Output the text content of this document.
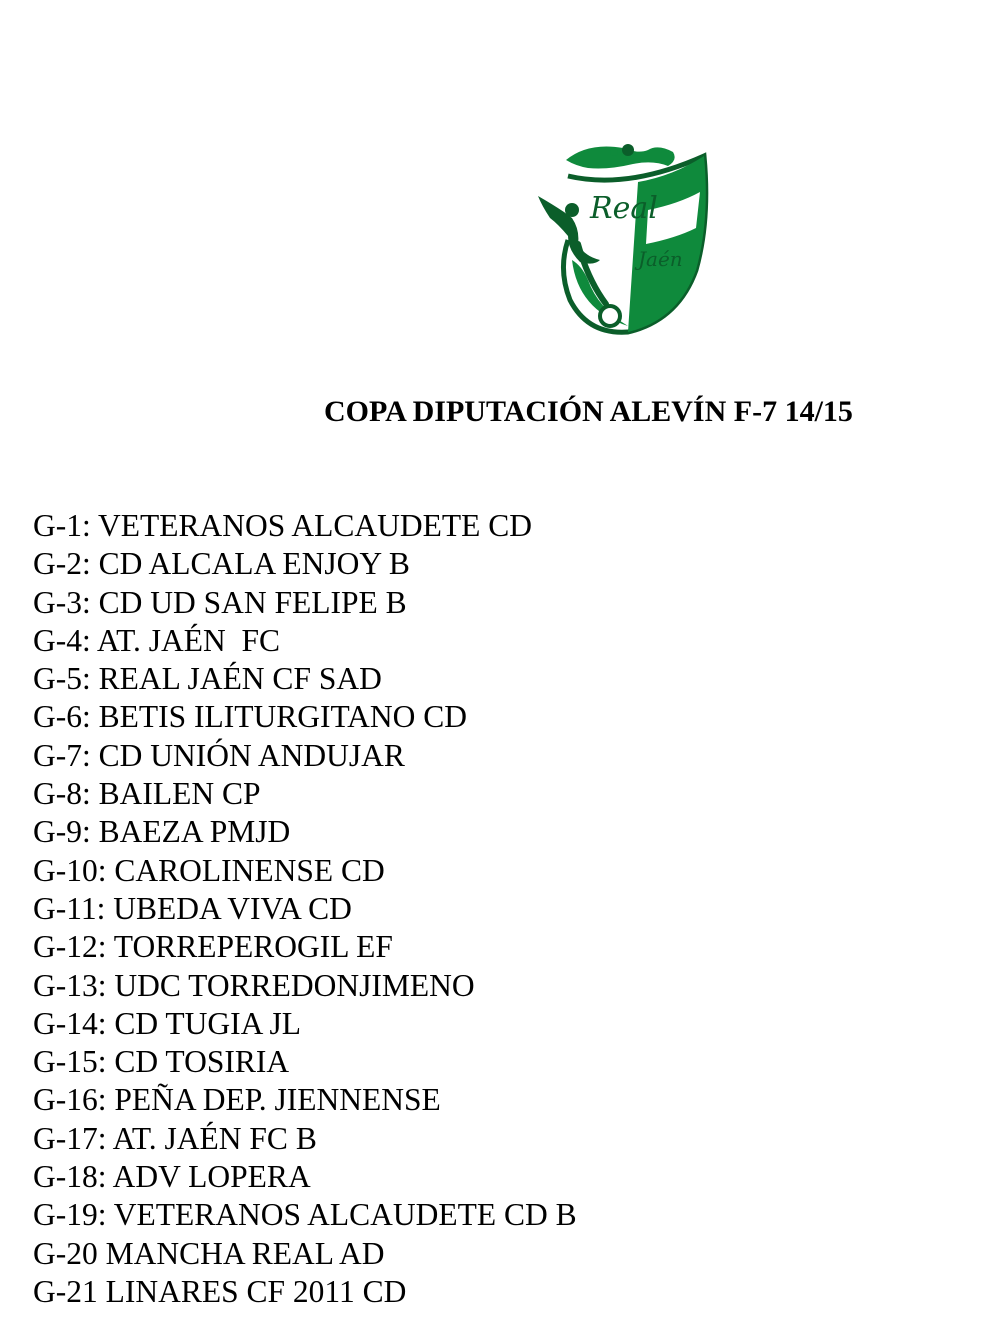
Real
Jaén
COPA DIPUTACIÓN ALEVÍN F-7 14/15
G-1: VETERANOS ALCAUDETE CD
G-2: CD ALCALA ENJOY B
G-3: CD UD SAN FELIPE B
G-4: AT. JAÉN  FC
G-5: REAL JAÉN CF SAD
G-6: BETIS ILITURGITANO CD
G-7: CD UNIÓN ANDUJAR
G-8: BAILEN CP
G-9: BAEZA PMJD
G-10: CAROLINENSE CD
G-11: UBEDA VIVA CD
G-12: TORREPEROGIL EF
G-13: UDC TORREDONJIMENO
G-14: CD TUGIA JL
G-15: CD TOSIRIA
G-16: PEÑA DEP. JIENNENSE
G-17: AT. JAÉN FC B
G-18: ADV LOPERA
G-19: VETERANOS ALCAUDETE CD B
G-20 MANCHA REAL AD
G-21 LINARES CF 2011 CD
